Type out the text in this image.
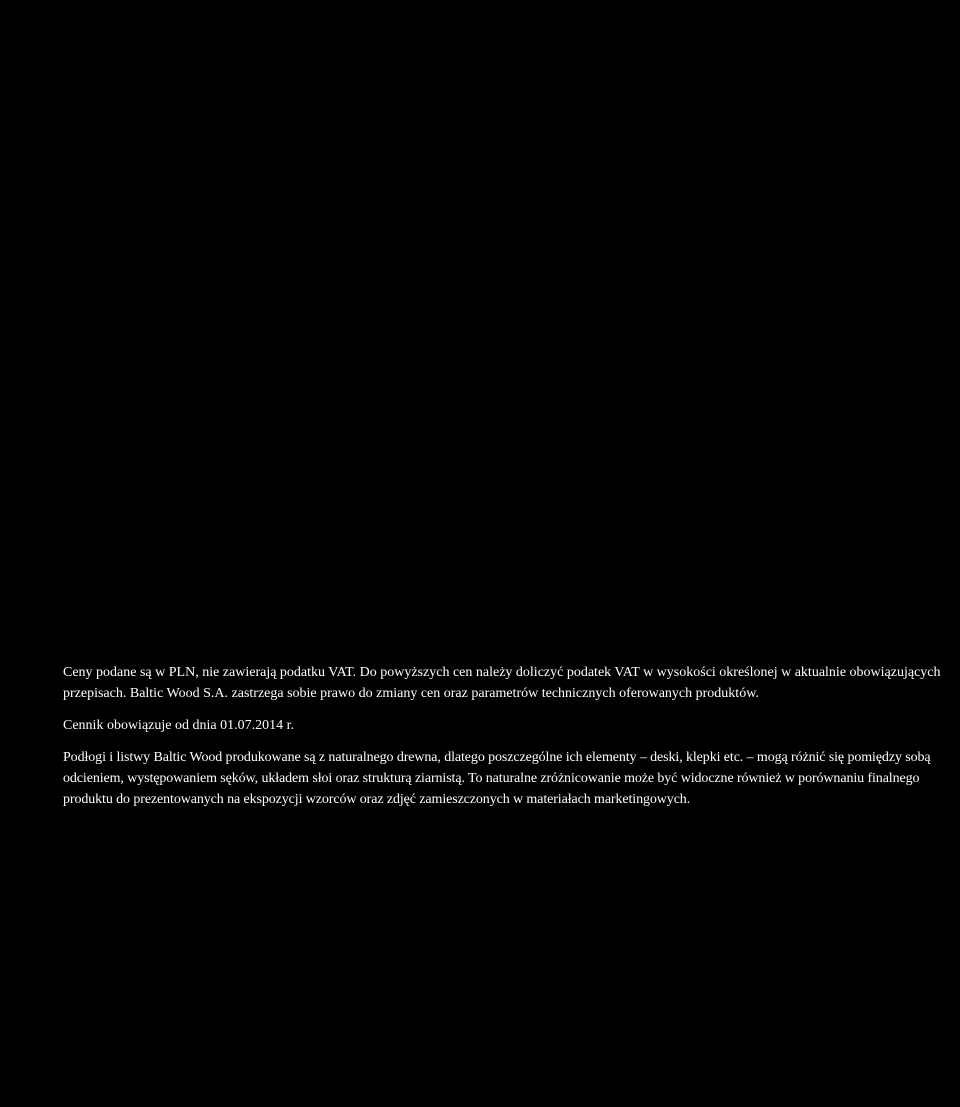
Ceny podane są w PLN, nie zawierają podatku VAT. Do powyższych cen należy doliczyć podatek VAT w wysokości określonej w aktualnie obowiązujących przepisach. Baltic Wood S.A. zastrzega sobie prawo do zmiany cen oraz parametrów technicznych oferowanych produktów.

Cennik obowiązuje od dnia 01.07.2014 r.

Podłogi i listwy Baltic Wood produkowane są z naturalnego drewna, dlatego poszczególne ich elementy – deski, klepki etc. – mogą różnić się pomiędzy sobą odcieniem, występowaniem sęków, układem słoi oraz strukturą ziarnistą. To naturalne zróżnicowanie może być widoczne również w porównaniu finalnego produktu do prezentowanych na ekspozycji wzorców oraz zdjęć zamieszczonych w materiałach marketingowych.
